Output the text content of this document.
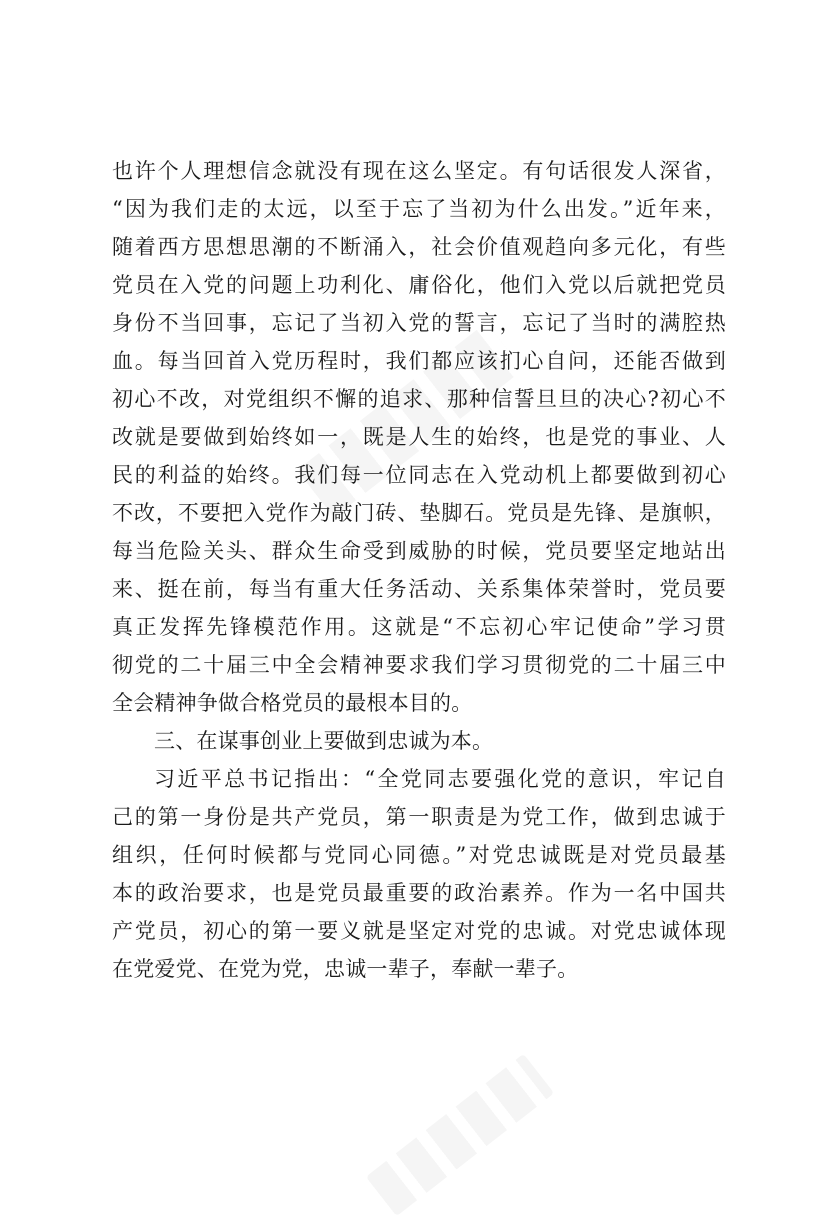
也许个人理想信念就没有现在这么坚定。有句话很发人深省，
“因为我们走的太远，以至于忘了当初为什么出发。”近年来，
随着西方思想思潮的不断涌入，社会价值观趋向多元化，有些
党员在入党的问题上功利化、庸俗化，他们入党以后就把党员
身份不当回事，忘记了当初入党的誓言，忘记了当时的满腔热
血。每当回首入党历程时，我们都应该扪心自问，还能否做到
初心不改，对党组织不懈的追求、那种信誓旦旦的决心?初心不
改就是要做到始终如一，既是人生的始终，也是党的事业、人
民的利益的始终。我们每一位同志在入党动机上都要做到初心
不改，不要把入党作为敲门砖、垫脚石。党员是先锋、是旗帜，
每当危险关头、群众生命受到威胁的时候，党员要坚定地站出
来、挺在前，每当有重大任务活动、关系集体荣誉时，党员要
真正发挥先锋模范作用。这就是“不忘初心牢记使命”学习贯
彻党的二十届三中全会精神要求我们学习贯彻党的二十届三中
全会精神争做合格党员的最根本目的。
三、在谋事创业上要做到忠诚为本。
习近平总书记指出：“全党同志要强化党的意识，牢记自
己的第一身份是共产党员，第一职责是为党工作，做到忠诚于
组织，任何时候都与党同心同德。”对党忠诚既是对党员最基
本的政治要求，也是党员最重要的政治素养。作为一名中国共
产党员，初心的第一要义就是坚定对党的忠诚。对党忠诚体现
在党爱党、在党为党，忠诚一辈子，奉献一辈子。
